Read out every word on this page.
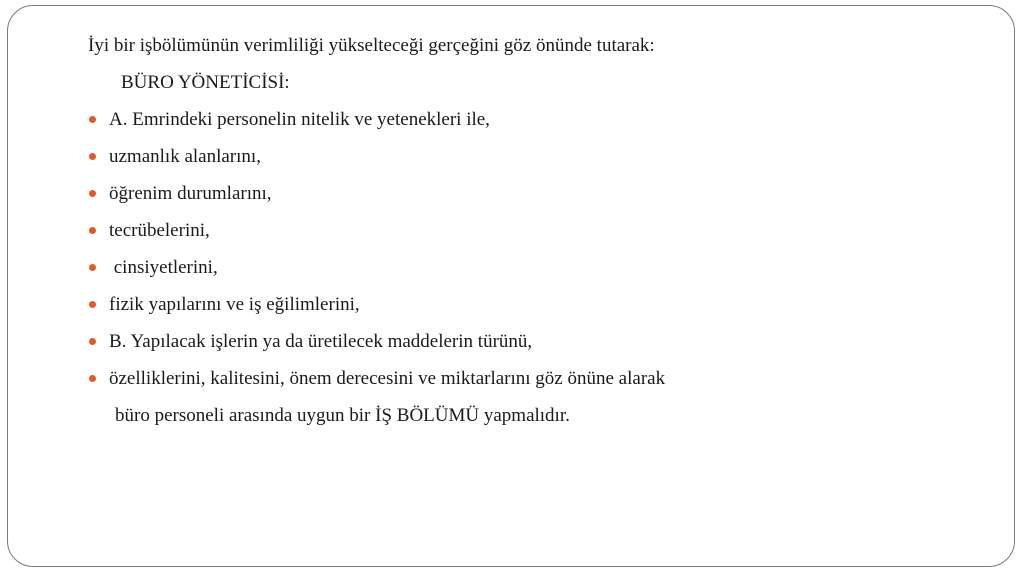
İyi bir işbölümünün verimliliği yükselteceği gerçeğini göz önünde tutarak:
BÜRO YÖNETİCİSİ:
A. Emrindeki personelin nitelik ve yetenekleri ile,
uzmanlık alanlarını,
öğrenim durumlarını,
tecrübelerini,
cinsiyetlerini,
fizik yapılarını ve iş eğilimlerini,
B. Yapılacak işlerin ya da üretilecek maddelerin türünü,
özelliklerini, kalitesini, önem derecesini ve miktarlarını göz önüne alarak
büro personeli arasında uygun bir İŞ BÖLÜMÜ yapmalıdır.
